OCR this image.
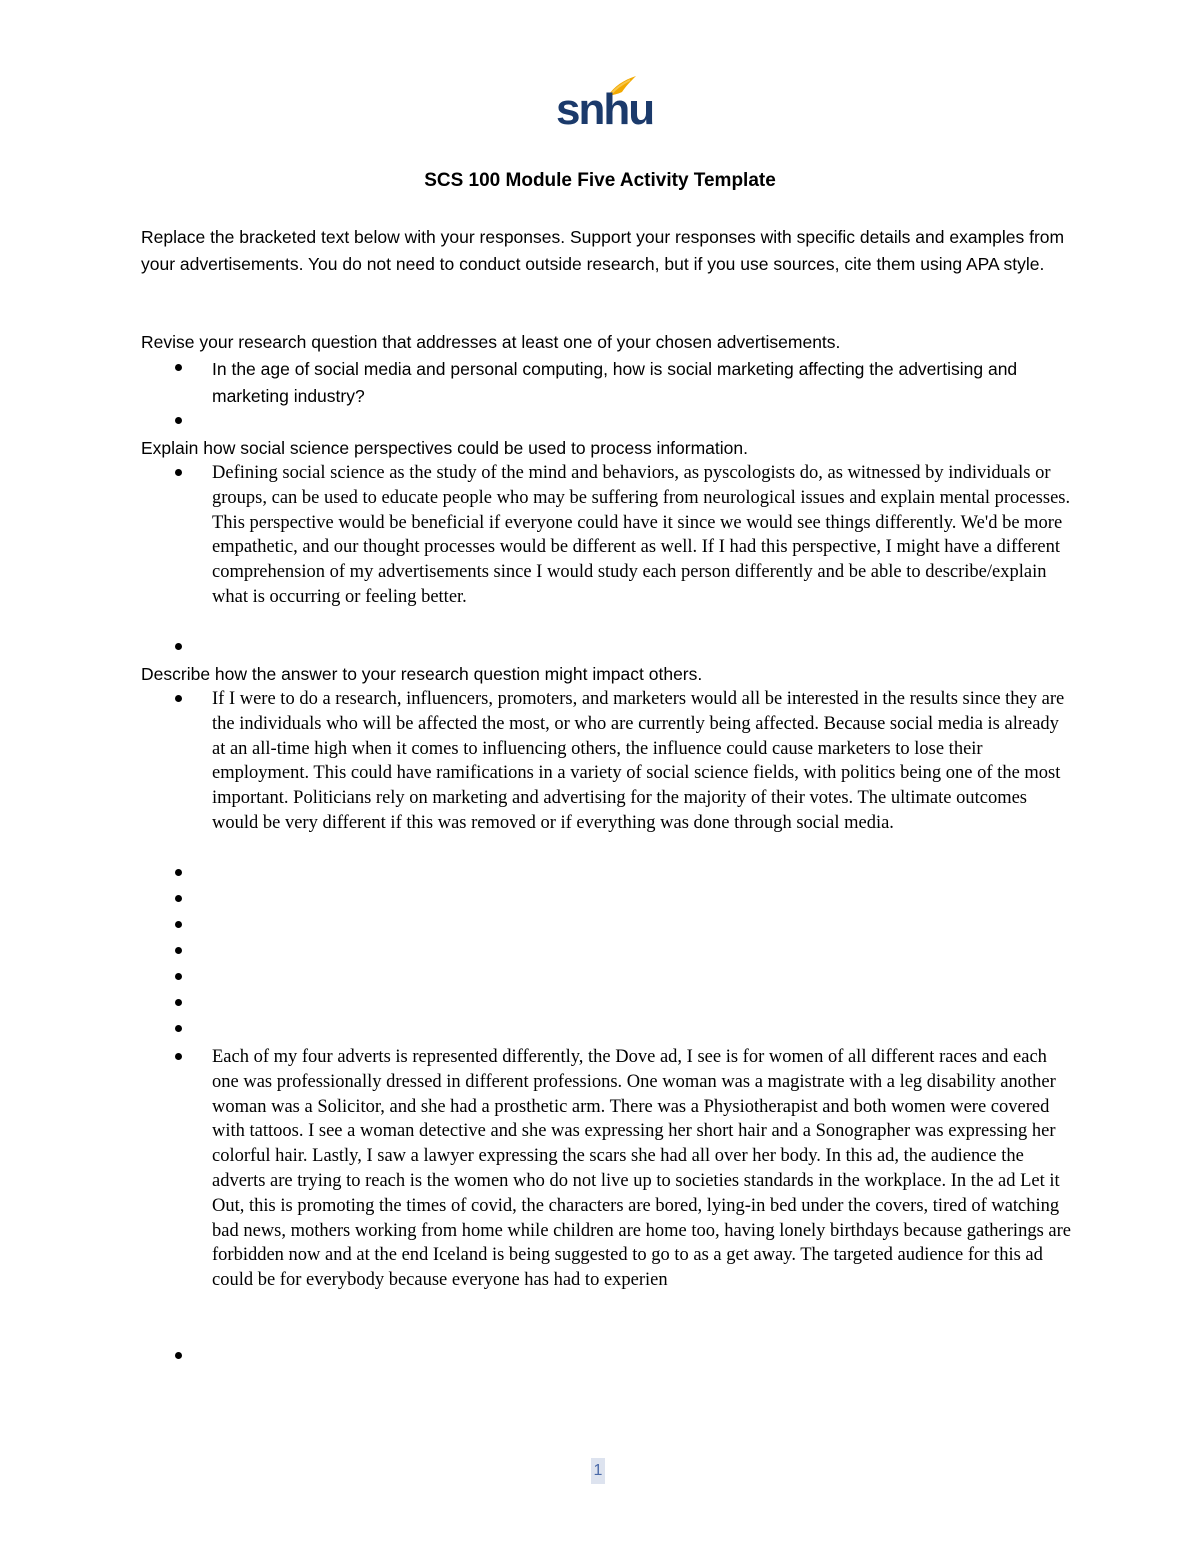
snhu
SCS 100 Module Five Activity Template

Replace the bracketed text below with your responses. Support your responses with specific details and examples from your advertisements. You do not need to conduct outside research, but if you use sources, cite them using APA style.

Revise your research question that addresses at least one of your chosen advertisements.

In the age of social media and personal computing, how is social marketing affecting the advertising and marketing industry?

Explain how social science perspectives could be used to process information.

Defining social science as the study of the mind and behaviors, as pyscologists do, as witnessed by individuals or groups, can be used to educate people who may be suffering from neurological issues and explain mental processes. This perspective would be beneficial if everyone could have it since we would see things differently. We'd be more empathetic, and our thought processes would be different as well. If I had this perspective, I might have a different comprehension of my advertisements since I would study each person differently and be able to describe/explain what is occurring or feeling better.

Describe how the answer to your research question might impact others.

If I were to do a research, influencers, promoters, and marketers would all be interested in the results since they are the individuals who will be affected the most, or who are currently being affected. Because social media is already at an all-time high when it comes to influencing others, the influence could cause marketers to lose their employment. This could have ramifications in a variety of social science fields, with politics being one of the most important. Politicians rely on marketing and advertising for the majority of their votes. The ultimate outcomes would be very different if this was removed or if everything was done through social media.

Each of my four adverts is represented differently, the Dove ad, I see is for women of all different races and each one was professionally dressed in different professions. One woman was a magistrate with a leg disability another woman was a Solicitor, and she had a prosthetic arm. There was a Physiotherapist and both women were covered with tattoos. I see a woman detective and she was expressing her short hair and a Sonographer was expressing her colorful hair. Lastly, I saw a lawyer expressing the scars she had all over her body. In this ad, the audience the adverts are trying to reach is the women who do not live up to societies standards in the workplace. In the ad Let it Out, this is promoting the times of covid, the characters are bored, lying-in bed under the covers, tired of watching bad news, mothers working from home while children are home too, having lonely birthdays because gatherings are forbidden now and at the end Iceland is being suggested to go to as a get away. The targeted audience for this ad could be for everybody because everyone has had to experien

1
